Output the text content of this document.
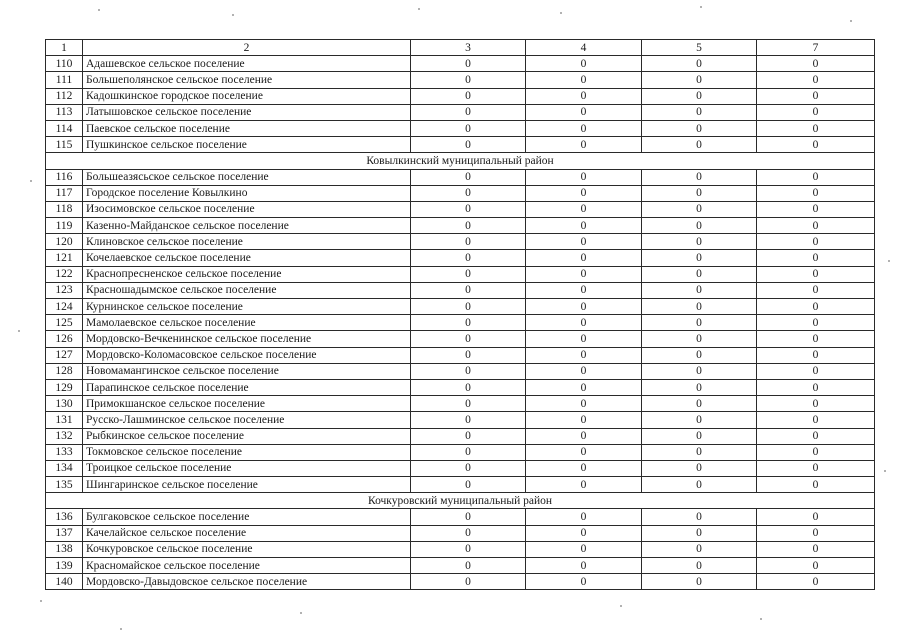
1	2	3	4	5	7
110	Адашевское сельское поселение	0	0	0	0
111	Большеполянское сельское поселение	0	0	0	0
112	Кадошкинское городское поселение	0	0	0	0
113	Латышовское сельское поселение	0	0	0	0
114	Паевское сельское поселение	0	0	0	0
115	Пушкинское сельское поселение	0	0	0	0
Ковылкинский муниципальный район					
116	Большеазясьское сельское поселение	0	0	0	0
117	Городское поселение Ковылкино	0	0	0	0
118	Изосимовское сельское поселение	0	0	0	0
119	Казенно-Майданское сельское поселение	0	0	0	0
120	Клиновское сельское поселение	0	0	0	0
121	Кочелаевское сельское поселение	0	0	0	0
122	Краснопресненское сельское поселение	0	0	0	0
123	Красношадымское сельское поселение	0	0	0	0
124	Курнинское сельское поселение	0	0	0	0
125	Мамолаевское сельское поселение	0	0	0	0
126	Мордовско-Вечкенинское сельское поселение	0	0	0	0
127	Мордовско-Коломасовское сельское поселение	0	0	0	0
128	Новомамангинское сельское поселение	0	0	0	0
129	Парапинское сельское поселение	0	0	0	0
130	Примокшанское сельское поселение	0	0	0	0
131	Русско-Лашминское сельское поселение	0	0	0	0
132	Рыбкинское сельское поселение	0	0	0	0
133	Токмовское сельское поселение	0	0	0	0
134	Троицкое сельское поселение	0	0	0	0
135	Шингаринское сельское поселение	0	0	0	0
Кочкуровский муниципальный район					
136	Булгаковское сельское поселение	0	0	0	0
137	Качелайское сельское поселение	0	0	0	0
138	Кочкуровское сельское поселение	0	0	0	0
139	Красномайское сельское поселение	0	0	0	0
140	Мордовско-Давыдовское сельское поселение	0	0	0	0
